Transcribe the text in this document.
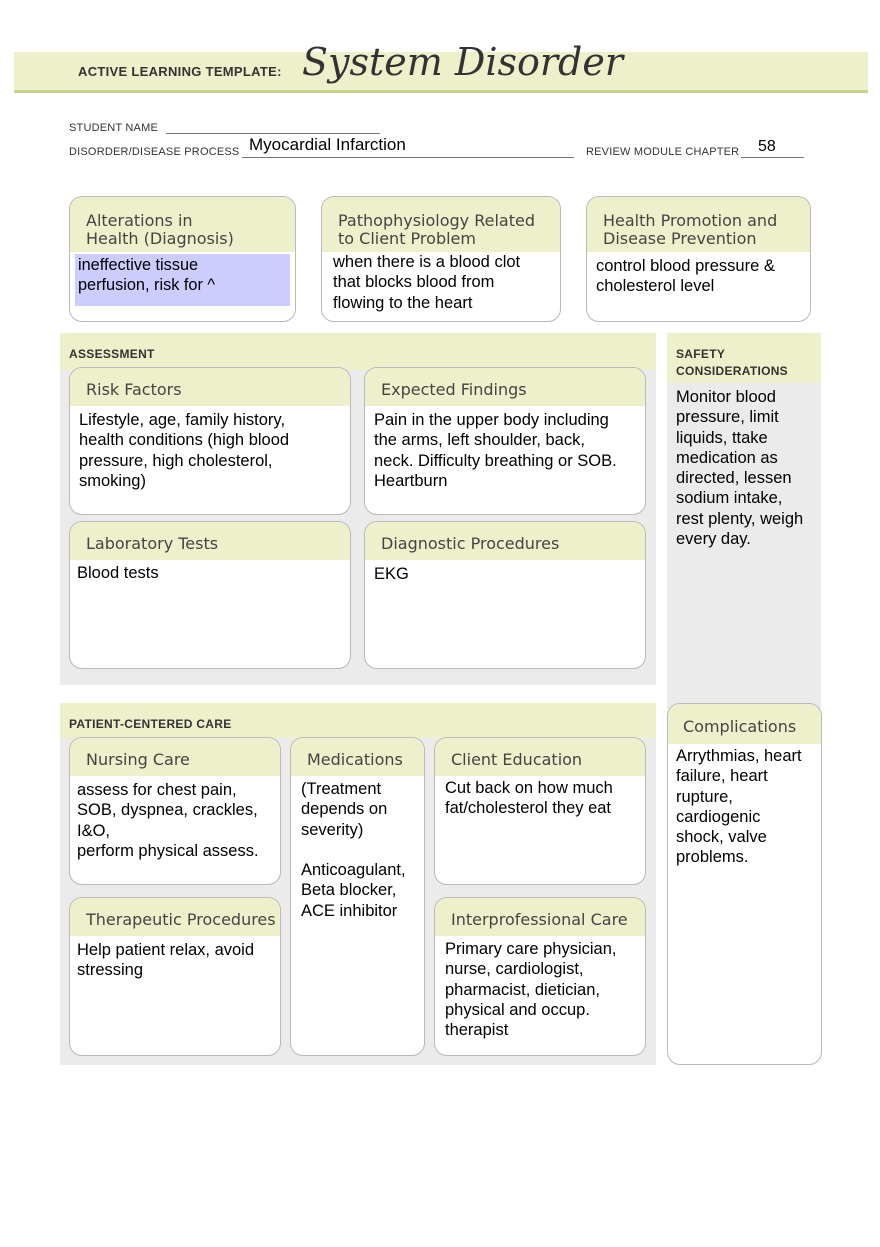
ACTIVE LEARNING TEMPLATE: System Disorder
STUDENT NAME
DISORDER/DISEASE PROCESS Myocardial Infarction	REVIEW MODULE CHAPTER 58
Alterations in
Health (Diagnosis)
ineffective tissue
perfusion, risk for ^
Pathophysiology Related
to Client Problem
when there is a blood clot
that blocks blood from
flowing to the heart
Health Promotion and
Disease Prevention
control blood pressure &
cholesterol level
ASSESSMENT
Risk Factors
Lifestyle, age, family history,
health conditions (high blood
pressure, high cholesterol,
smoking)
Expected Findings
Pain in the upper body including
the arms, left shoulder, back,
neck. Difficulty breathing or SOB.
Heartburn
Laboratory Tests
Blood tests
Diagnostic Procedures
EKG
SAFETY
CONSIDERATIONS
Monitor blood
pressure, limit
liquids, ttake
medication as
directed, lessen
sodium intake,
rest plenty, weigh
every day.
PATIENT-CENTERED CARE
Nursing Care
assess for chest pain,
SOB, dyspnea, crackles,
I&O,
perform physical assess.
Medications
(Treatment
depends on
severity)

Anticoagulant,
Beta blocker,
ACE inhibitor
Client Education
Cut back on how much
fat/cholesterol they eat
Therapeutic Procedures
Help patient relax, avoid
stressing
Interprofessional Care
Primary care physician,
nurse, cardiologist,
pharmacist, dietician,
physical and occup.
therapist
Complications
Arrythmias, heart
failure, heart
rupture,
cardiogenic
shock, valve
problems.
